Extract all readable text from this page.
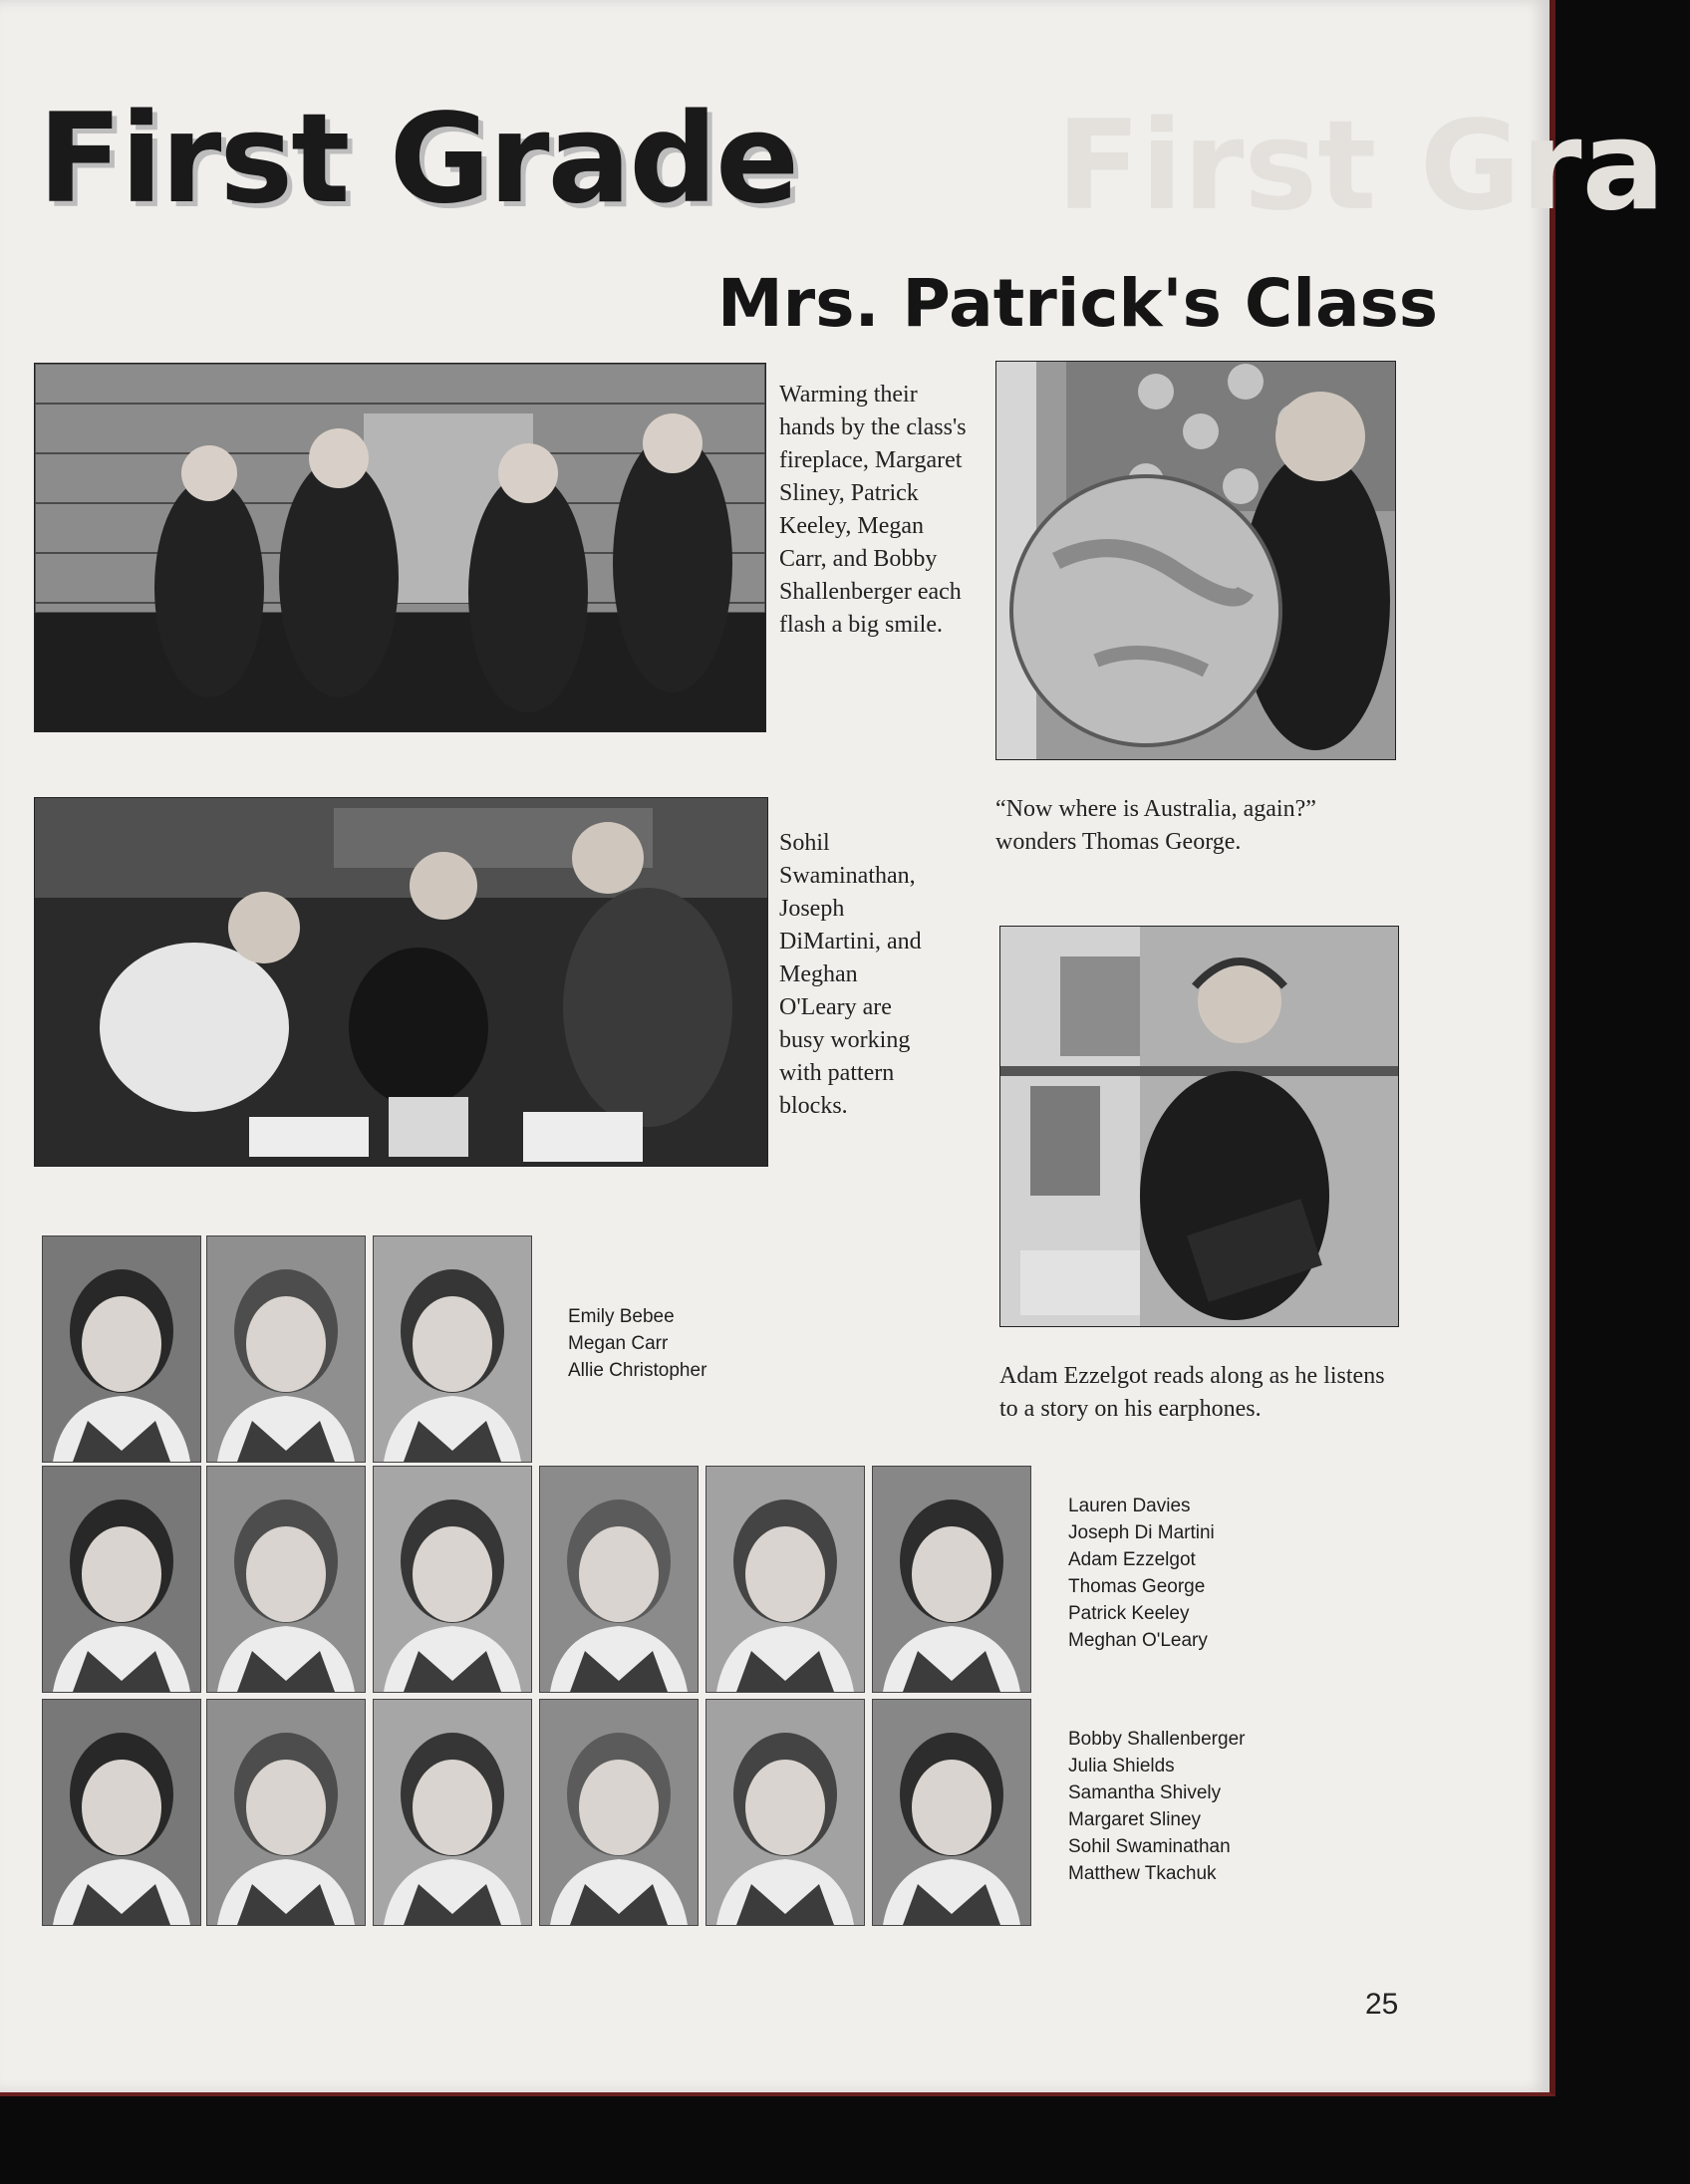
First Gra
First Grade
Mrs. Patrick's Class
Warming their hands by the class's fireplace, Margaret Sliney, Patrick Keeley, Megan Carr, and Bobby Shallenberger each flash a big smile.
“Now where is Australia, again?” wonders Thomas George.
Sohil Swaminathan, Joseph DiMartini, and Meghan O'Leary are busy working with pattern blocks.
Adam Ezzelgot reads along as he listens to a story on his earphones.
Emily Bebee
Megan Carr
Allie Christopher
Lauren Davies
Joseph Di Martini
Adam Ezzelgot
Thomas George
Patrick Keeley
Meghan O'Leary
Bobby Shallenberger
Julia Shields
Samantha Shively
Margaret Sliney
Sohil Swaminathan
Matthew Tkachuk
25
